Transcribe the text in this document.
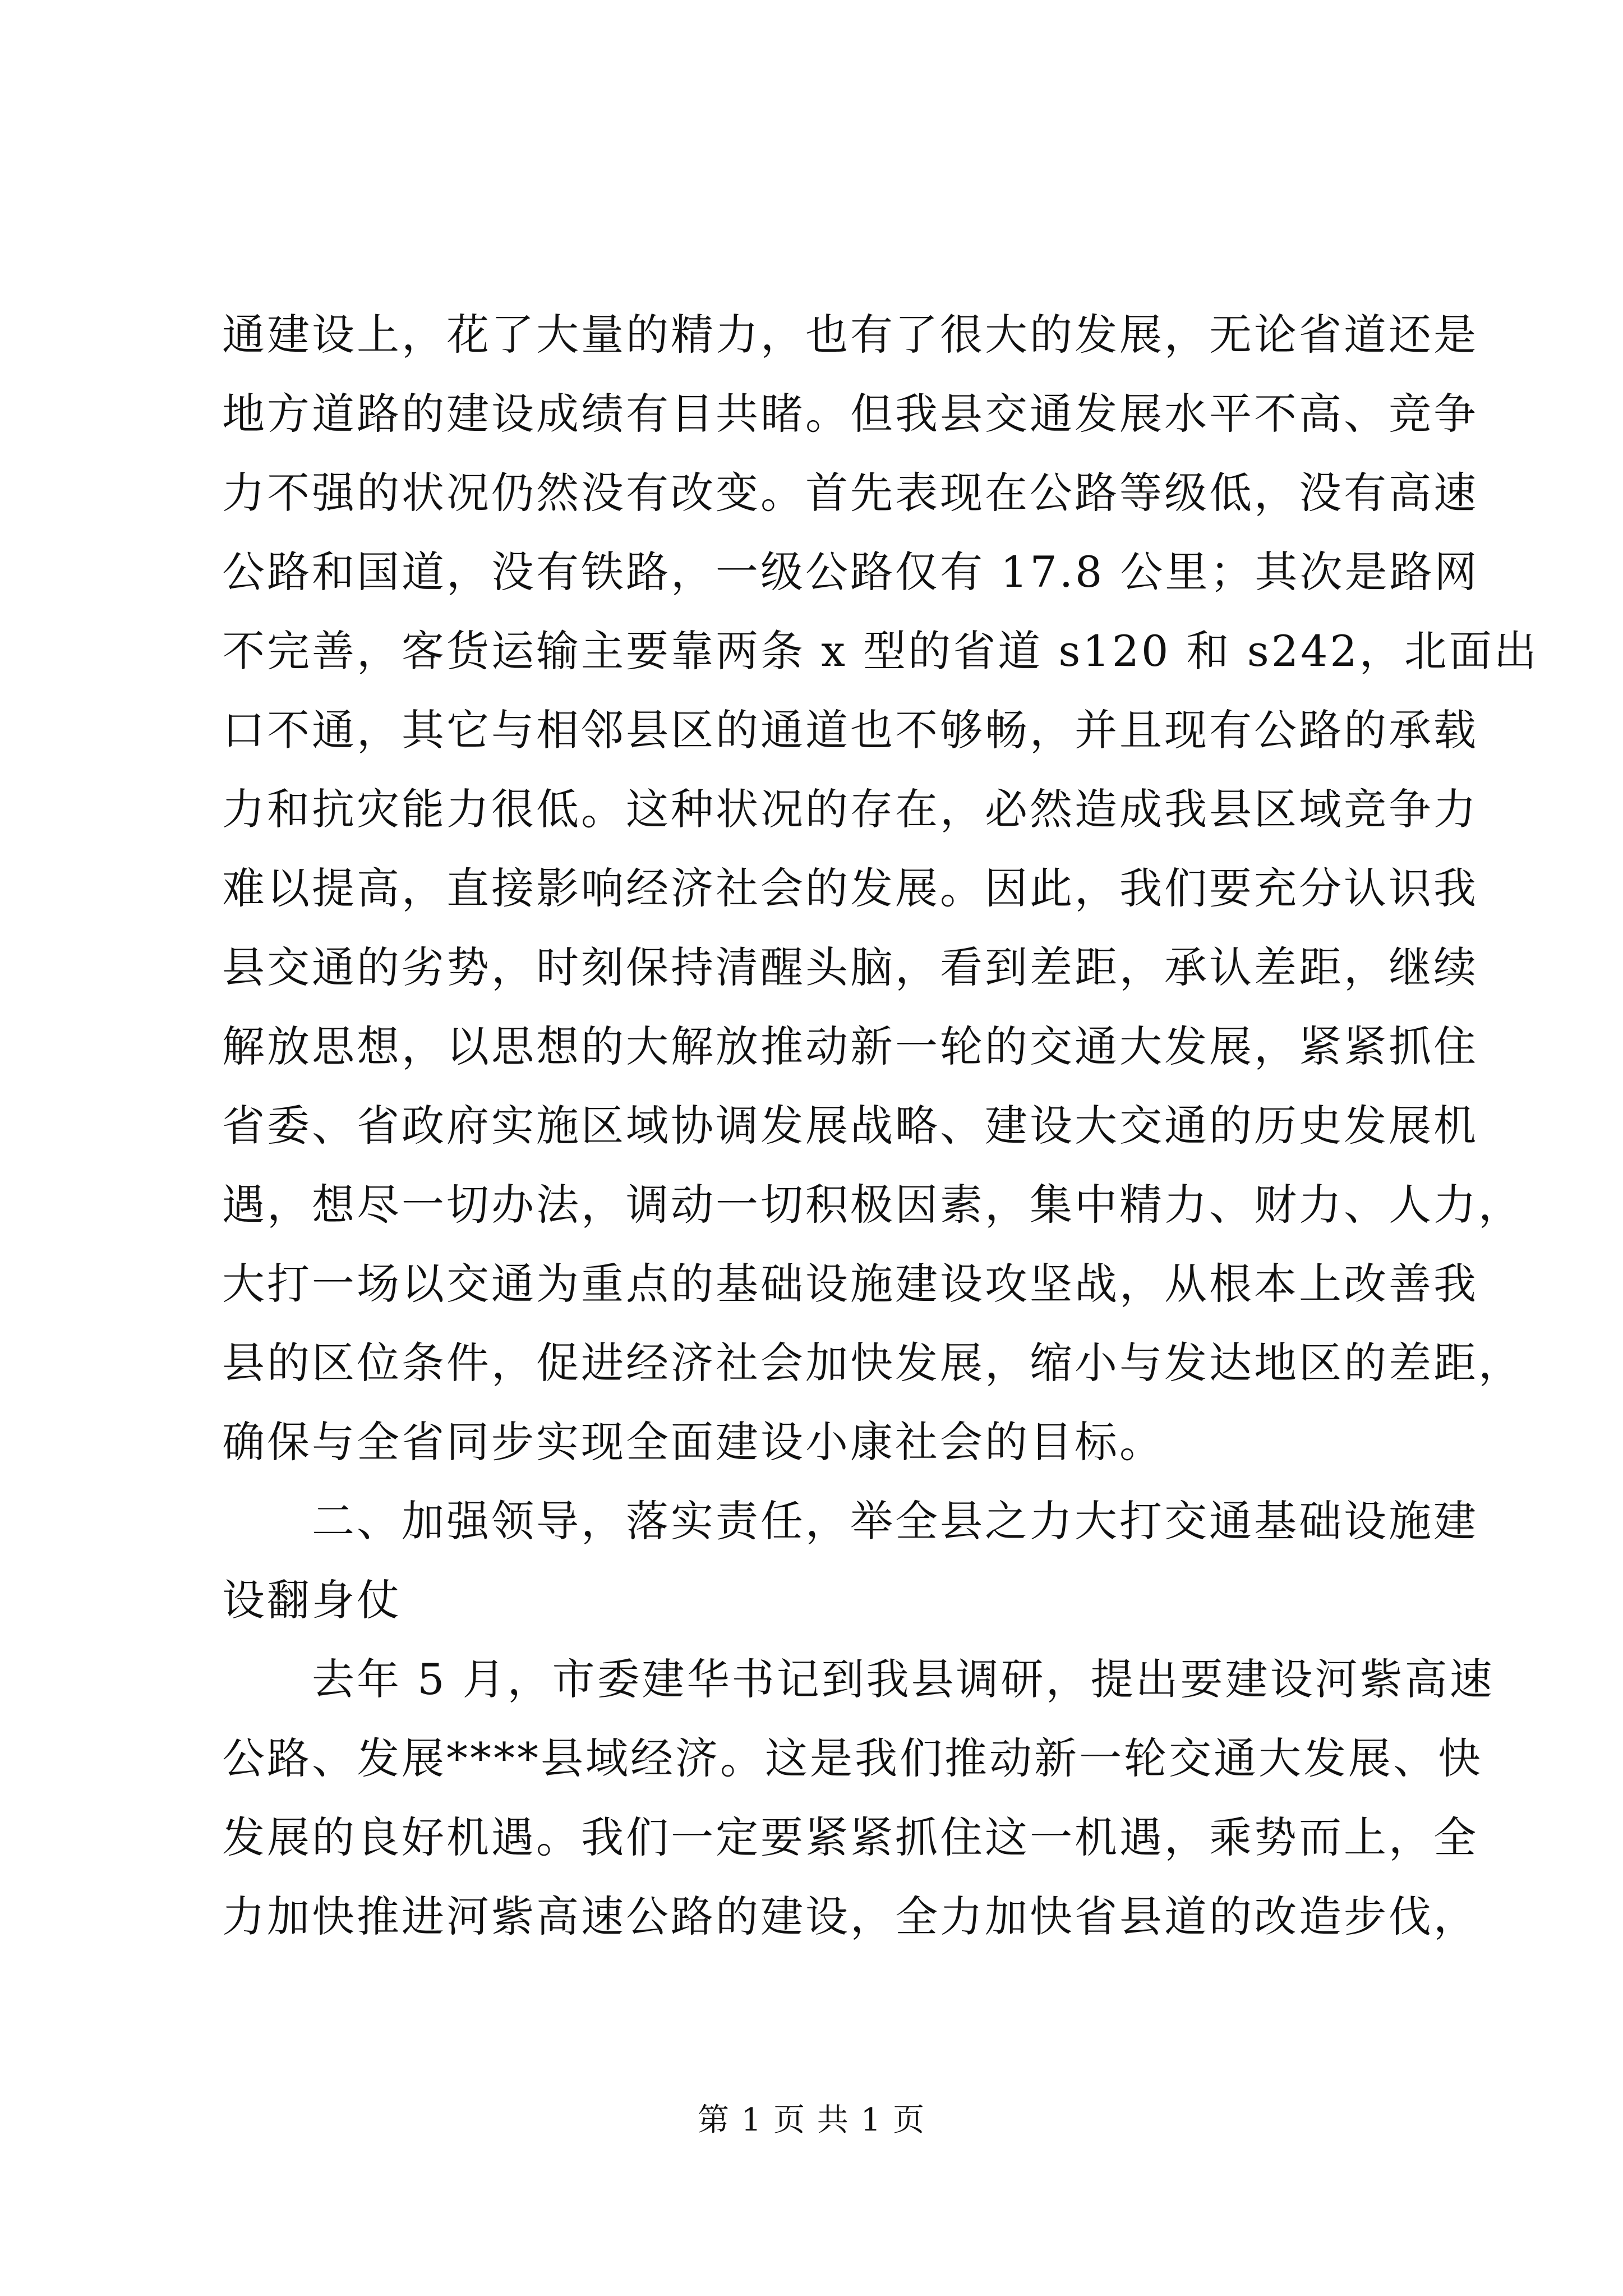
通建设上，花了大量的精力，也有了很大的发展，无论省道还是
地方道路的建设成绩有目共睹。但我县交通发展水平不高、竞争
力不强的状况仍然没有改变。首先表现在公路等级低，没有高速
公路和国道，没有铁路，一级公路仅有 17.8 公里；其次是路网
不完善，客货运输主要靠两条 x 型的省道 s120 和 s242，北面出
口不通，其它与相邻县区的通道也不够畅，并且现有公路的承载
力和抗灾能力很低。这种状况的存在，必然造成我县区域竞争力
难以提高，直接影响经济社会的发展。因此，我们要充分认识我
县交通的劣势，时刻保持清醒头脑，看到差距，承认差距，继续
解放思想，以思想的大解放推动新一轮的交通大发展，紧紧抓住
省委、省政府实施区域协调发展战略、建设大交通的历史发展机
遇，想尽一切办法，调动一切积极因素，集中精力、财力、人力，
大打一场以交通为重点的基础设施建设攻坚战，从根本上改善我
县的区位条件，促进经济社会加快发展，缩小与发达地区的差距，
确保与全省同步实现全面建设小康社会的目标。
二、加强领导，落实责任，举全县之力大打交通基础设施建
设翻身仗
去年 5 月，市委建华书记到我县调研，提出要建设河紫高速
公路、发展****县域经济。这是我们推动新一轮交通大发展、快
发展的良好机遇。我们一定要紧紧抓住这一机遇，乘势而上，全
力加快推进河紫高速公路的建设，全力加快省县道的改造步伐，
第 1 页 共 1 页
